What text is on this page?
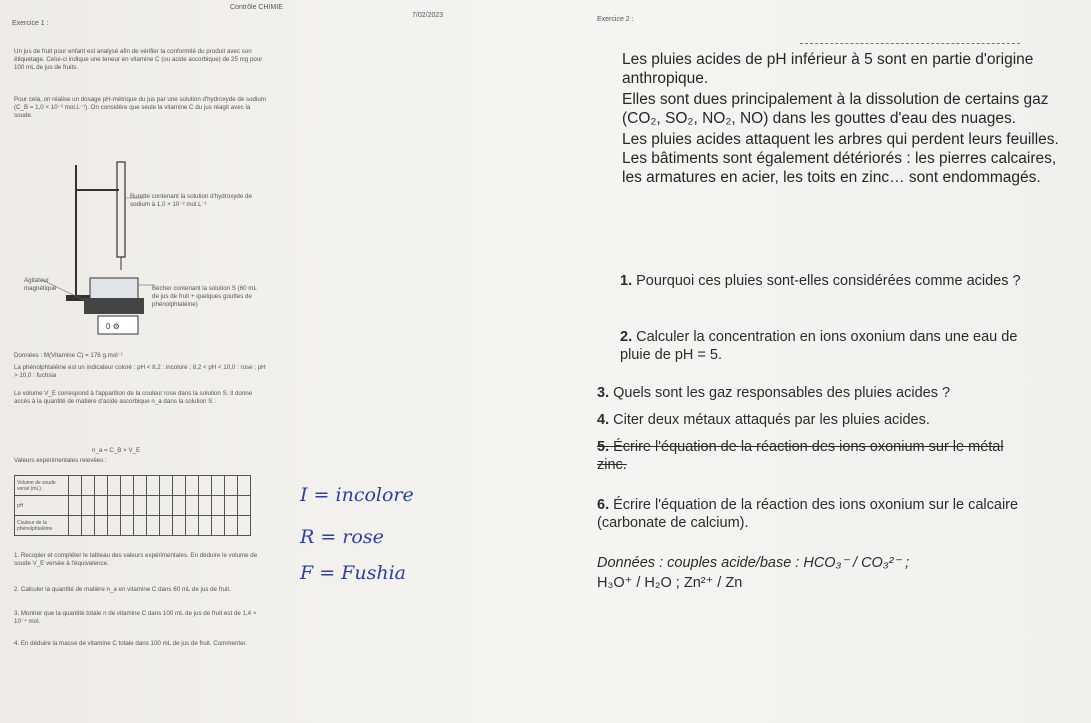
Exercice 1 :
Contrôle CHIMIE
7/02/2023
Exercice 2 :
Un jus de fruit pour enfant est analysé afin de vérifier la conformité du produit avec son étiquetage. Celui-ci indique une teneur en vitamine C (ou acide ascorbique) de 25 mg pour 100 mL de jus de fruits.
Pour cela, on réalise un dosage pH-métrique du jus par une solution d'hydroxyde de sodium (C_B = 1,0 × 10⁻² mol.L⁻¹). On considère que seule la vitamine C du jus réagit avec la soude.
0 ⚙
Burette contenant la solution d'hydroxyde de sodium à 1,0 × 10⁻² mol.L⁻¹
Agitateur magnétique	Bécher contenant la solution S (60 mL de jus de fruit + quelques gouttes de phénolphtaléine)
Données : M(Vitamine C) = 176 g.mol⁻¹
La phénolphtaléine est un indicateur coloré : pH < 8,2 : incolore ; 8,2 < pH < 10,0 : rose ; pH > 10,0 : fuchsia
Le volume V_E correspond à l'apparition de la couleur rose dans la solution S. Il donne accès à la quantité de matière d'acide ascorbique n_a dans la solution S :
n_a = C_B × V_E
Valeurs expérimentales relevées :
Volume de soude versé (mL)														
pH														
Couleur de la phénolphtaléine														
1. Recopier et compléter le tableau des valeurs expérimentales. En déduire le volume de soude V_E versée à l'équivalence.
2. Calculer la quantité de matière n_a en vitamine C dans 60 mL de jus de fruit.
3. Montrer que la quantité totale n de vitamine C dans 100 mL de jus de fruit est de 1,4 × 10⁻⁴ mol.
4. En déduire la masse de vitamine C totale dans 100 mL de jus de fruit. Commenter.
I = incolore
R = rose
F = Fushia

Les pluies acides de pH inférieur à 5 sont en partie d'origine anthropique.

Elles sont dues principalement à la dissolution de certains gaz (CO₂, SO₂, NO₂, NO) dans les gouttes d'eau des nuages.

Les pluies acides attaquent les arbres qui perdent leurs feuilles. Les bâtiments sont également détériorés : les pierres calcaires, les armatures en acier, les toits en zinc… sont endommagés.

1. Pourquoi ces pluies sont-elles considérées comme acides ?
2. Calculer la concentration en ions oxonium dans une eau de pluie de pH = 5.
3. Quels sont les gaz responsables des pluies acides ?
4. Citer deux métaux attaqués par les pluies acides.
5. Écrire l'équation de la réaction des ions oxonium sur le métal zinc.
6. Écrire l'équation de la réaction des ions oxonium sur le calcaire (carbonate de calcium).
Données : couples acide/base : HCO₃⁻ / CO₃²⁻ ;
H₃O⁺ / H₂O ; Zn²⁺ / Zn
